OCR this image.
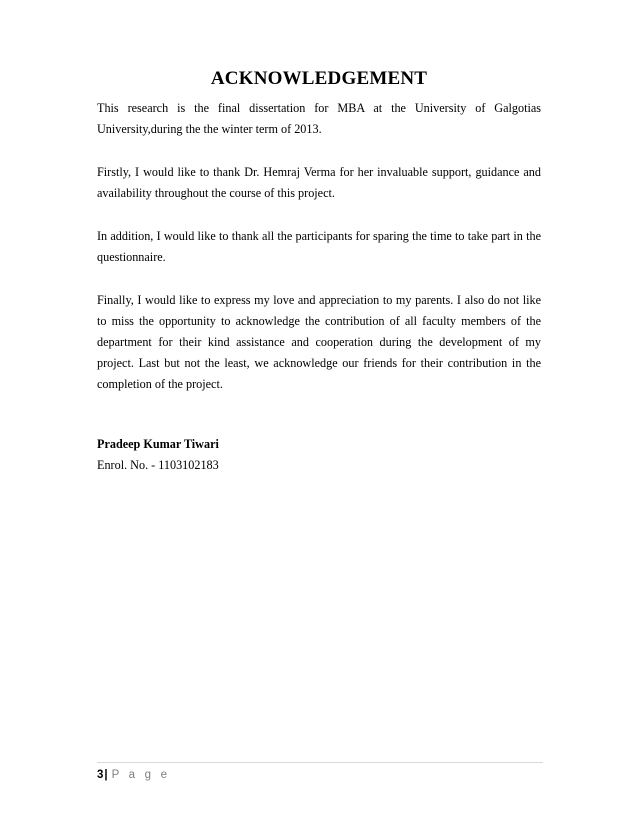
ACKNOWLEDGEMENT
This research is the final dissertation for MBA at the University of Galgotias University,during the the winter term of 2013.
Firstly, I would like to thank Dr. Hemraj Verma for her invaluable support, guidance and availability throughout the course of this project.
In addition, I would like to thank all the participants for sparing the time to take part in the questionnaire.
Finally, I would like to express my love and appreciation to my parents. I also do not like to miss the opportunity to acknowledge the contribution of all faculty members of the department for their kind assistance and cooperation during the development of my project. Last but not the least, we acknowledge our friends for their contribution in the completion of the project.
Pradeep Kumar Tiwari
Enrol. No. - 1103102183
3| P a g e
